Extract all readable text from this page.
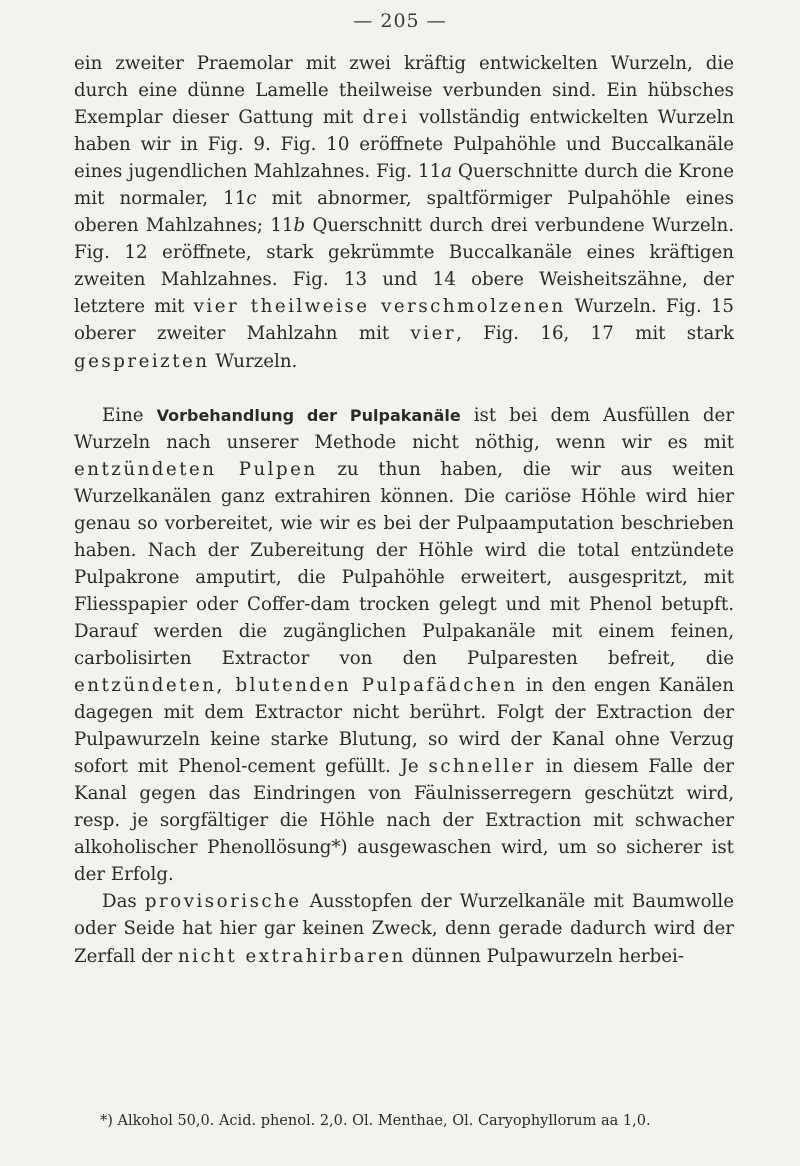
— 205 —

ein zweiter Praemolar mit zwei kräftig entwickelten Wurzeln, die durch eine dünne Lamelle theilweise verbunden sind. Ein hübsches Exemplar dieser Gattung mit drei vollständig entwickelten Wurzeln haben wir in Fig. 9. Fig. 10 eröffnete Pulpahöhle und Buccalkanäle eines jugendlichen Mahlzahnes. Fig. 11a Querschnitte durch die Krone mit normaler, 11c mit abnormer, spaltförmiger Pulpahöhle eines oberen Mahlzahnes; 11b Querschnitt durch drei verbundene Wurzeln. Fig. 12 eröffnete, stark gekrümmte Buccalkanäle eines kräftigen zweiten Mahlzahnes. Fig. 13 und 14 obere Weisheitszähne, der letztere mit vier theilweise verschmolzenen Wurzeln. Fig. 15 oberer zweiter Mahlzahn mit vier, Fig. 16, 17 mit stark gespreizten Wurzeln.

Eine Vorbehandlung der Pulpakanäle ist bei dem Ausfüllen der Wurzeln nach unserer Methode nicht nöthig, wenn wir es mit entzündeten Pulpen zu thun haben, die wir aus weiten Wurzelkanälen ganz extrahiren können. Die cariöse Höhle wird hier genau so vorbereitet, wie wir es bei der Pulpaamputation beschrieben haben. Nach der Zubereitung der Höhle wird die total entzündete Pulpakrone amputirt, die Pulpahöhle erweitert, ausgespritzt, mit Fliesspapier oder Coffer-dam trocken gelegt und mit Phenol betupft. Darauf werden die zugänglichen Pulpakanäle mit einem feinen, carbolisirten Extractor von den Pulparesten befreit, die entzündeten, blutenden Pulpafädchen in den engen Kanälen dagegen mit dem Extractor nicht berührt. Folgt der Extraction der Pulpawurzeln keine starke Blutung, so wird der Kanal ohne Verzug sofort mit Phenol-cement gefüllt. Je schneller in diesem Falle der Kanal gegen das Eindringen von Fäulnisserregern geschützt wird, resp. je sorgfältiger die Höhle nach der Extraction mit schwacher alkoholischer Phenollösung*) ausgewaschen wird, um so sicherer ist der Erfolg.

Das provisorische Ausstopfen der Wurzelkanäle mit Baumwolle oder Seide hat hier gar keinen Zweck, denn gerade dadurch wird der Zerfall der nicht extrahirbaren dünnen Pulpawurzeln herbei-

*) Alkohol 50,0. Acid. phenol. 2,0. Ol. Menthae, Ol. Caryophyllorum aa 1,0.
